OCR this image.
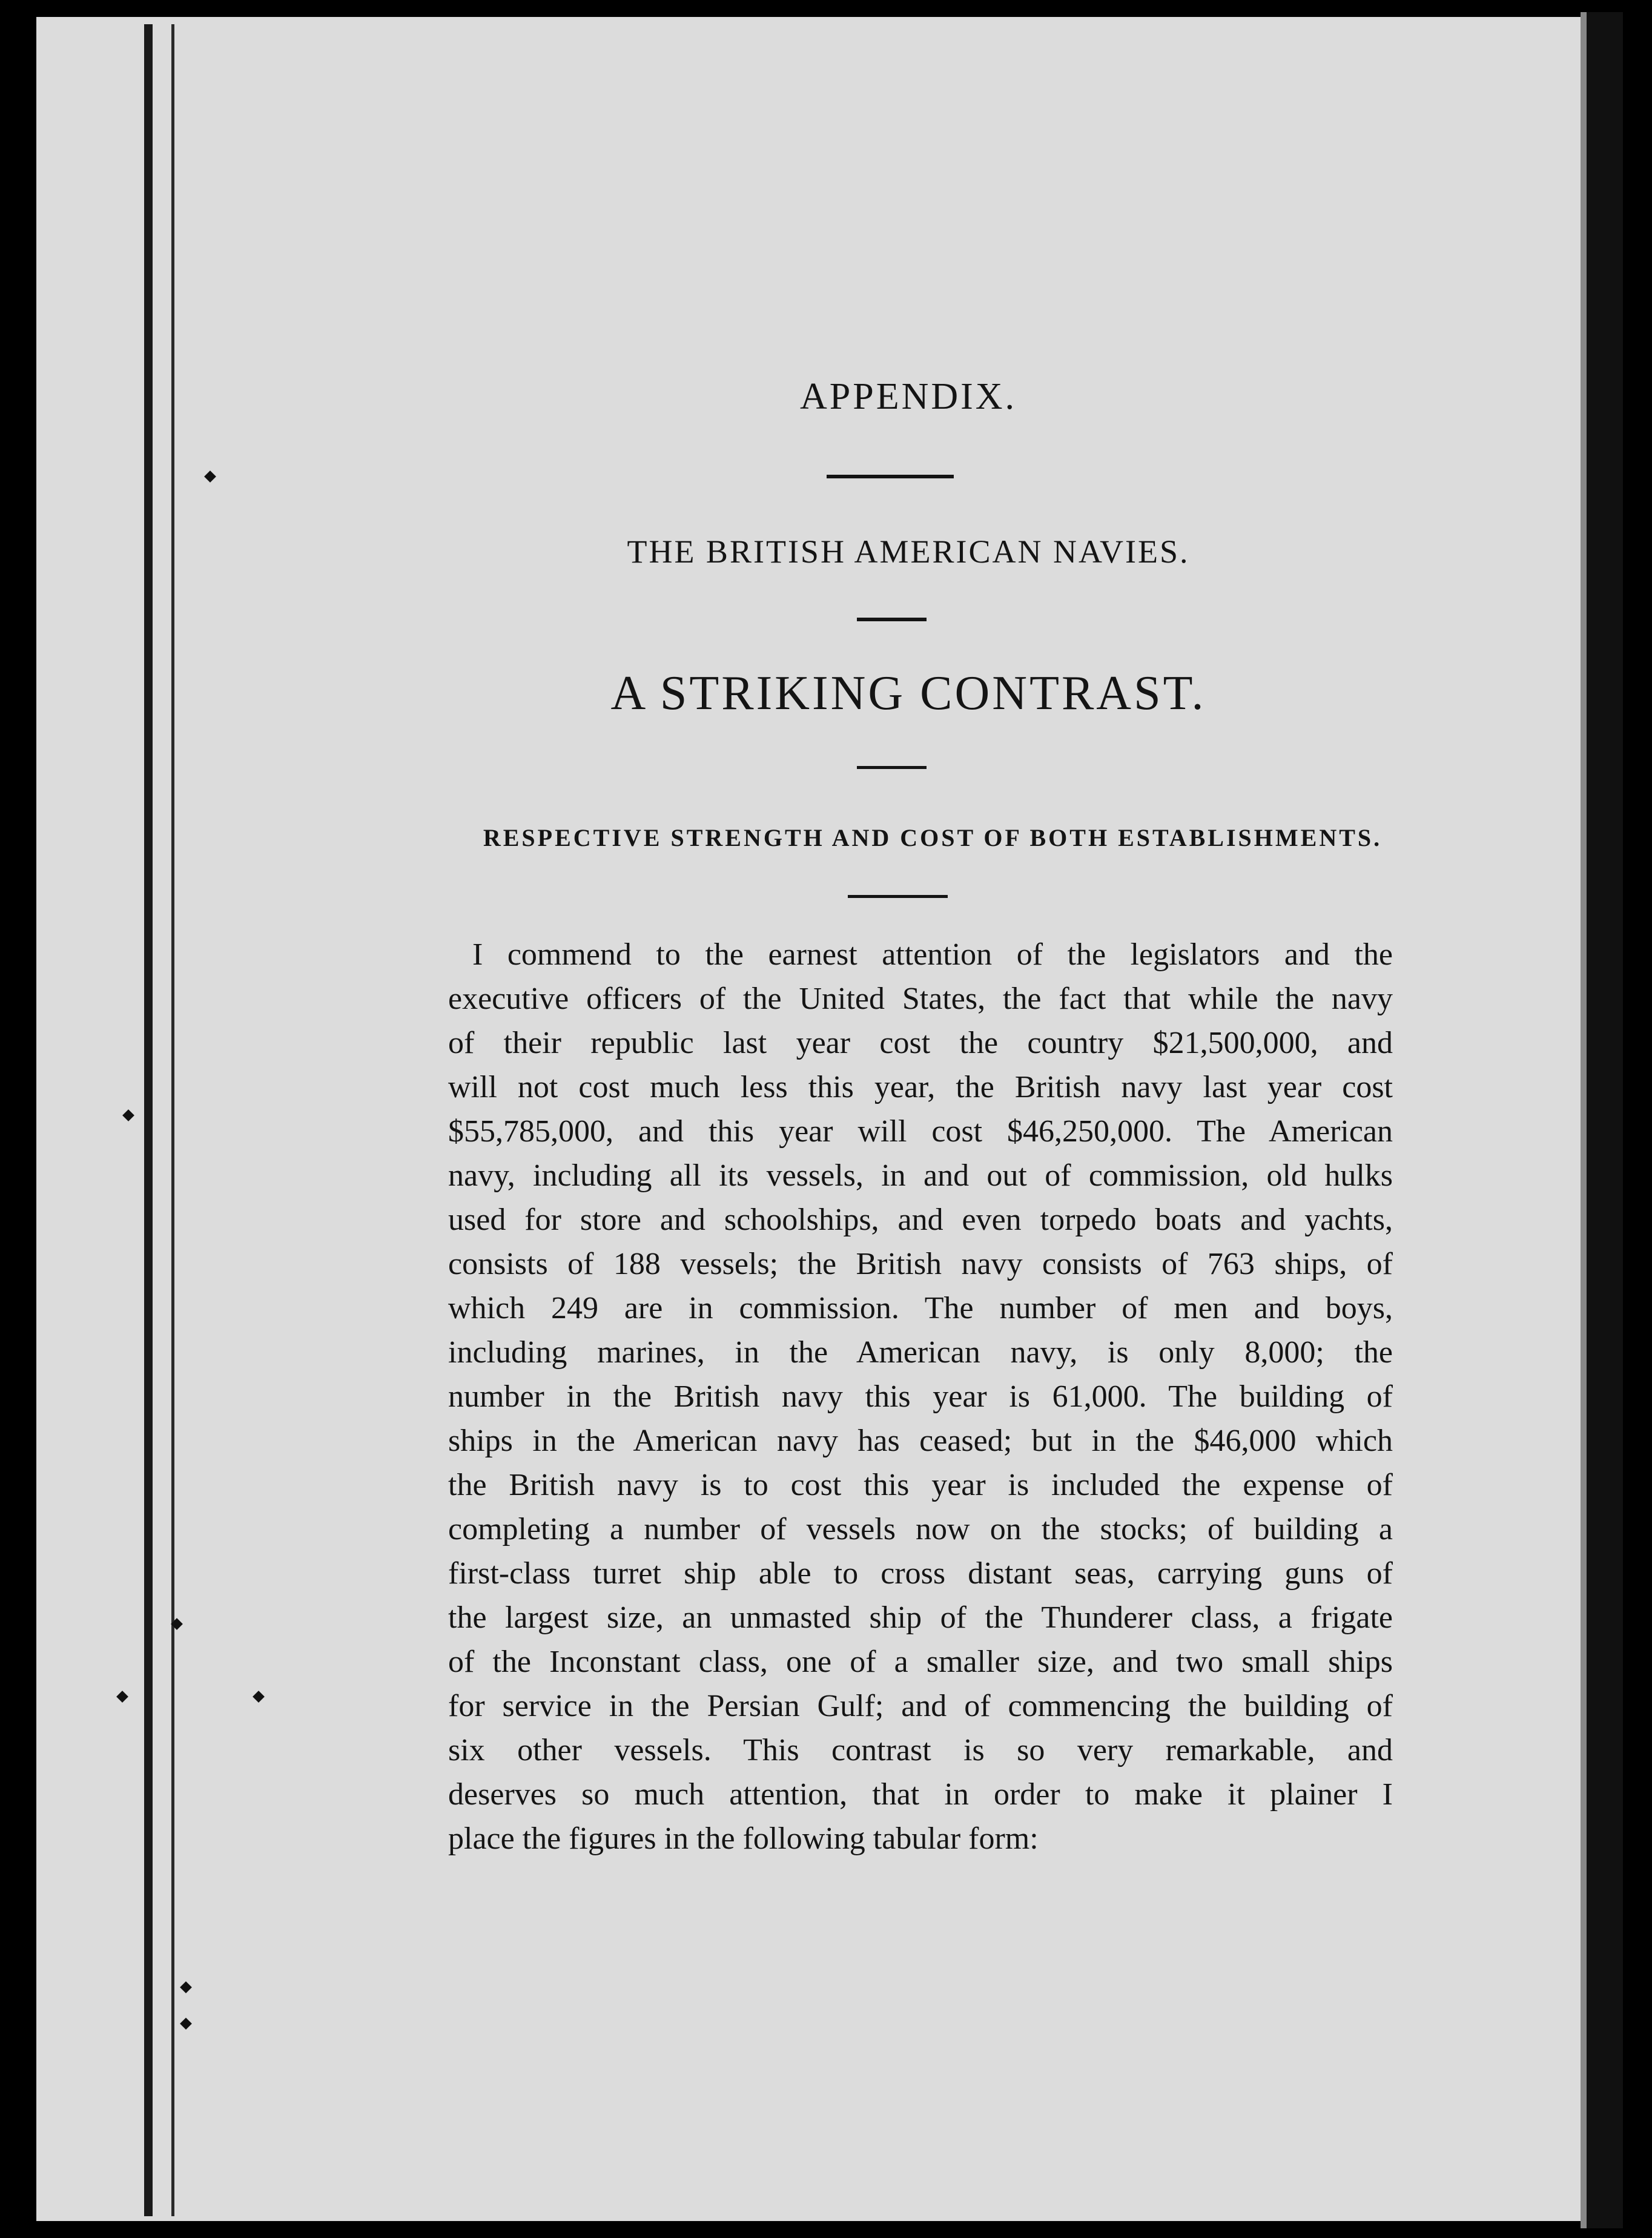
APPENDIX.
THE BRITISH AMERICAN NAVIES.
A STRIKING CONTRAST.
RESPECTIVE STRENGTH AND COST OF BOTH ESTABLISHMENTS.
I commend to the earnest attention of the legislators and the
executive officers of the United States, the fact that while the navy
of their republic last year cost the country $21,500,000, and
will not cost much less this year, the British navy last year cost
$55,785,000, and this year will cost $46,250,000. The American
navy, including all its vessels, in and out of commission, old hulks
used for store and schoolships, and even torpedo boats and yachts,
consists of 188 vessels; the British navy consists of 763 ships, of
which 249 are in commission. The number of men and boys,
including marines, in the American navy, is only 8,000; the
number in the British navy this year is 61,000. The building of
ships in the American navy has ceased; but in the $46,000 which
the British navy is to cost this year is included the expense of
completing a number of vessels now on the stocks; of building a
first-class turret ship able to cross distant seas, carrying guns of
the largest size, an unmasted ship of the Thunderer class, a frigate
of the Inconstant class, one of a smaller size, and two small ships
for service in the Persian Gulf; and of commencing the building of
six other vessels. This contrast is so very remarkable, and
deserves so much attention, that in order to make it plainer I
place the figures in the following tabular form:
